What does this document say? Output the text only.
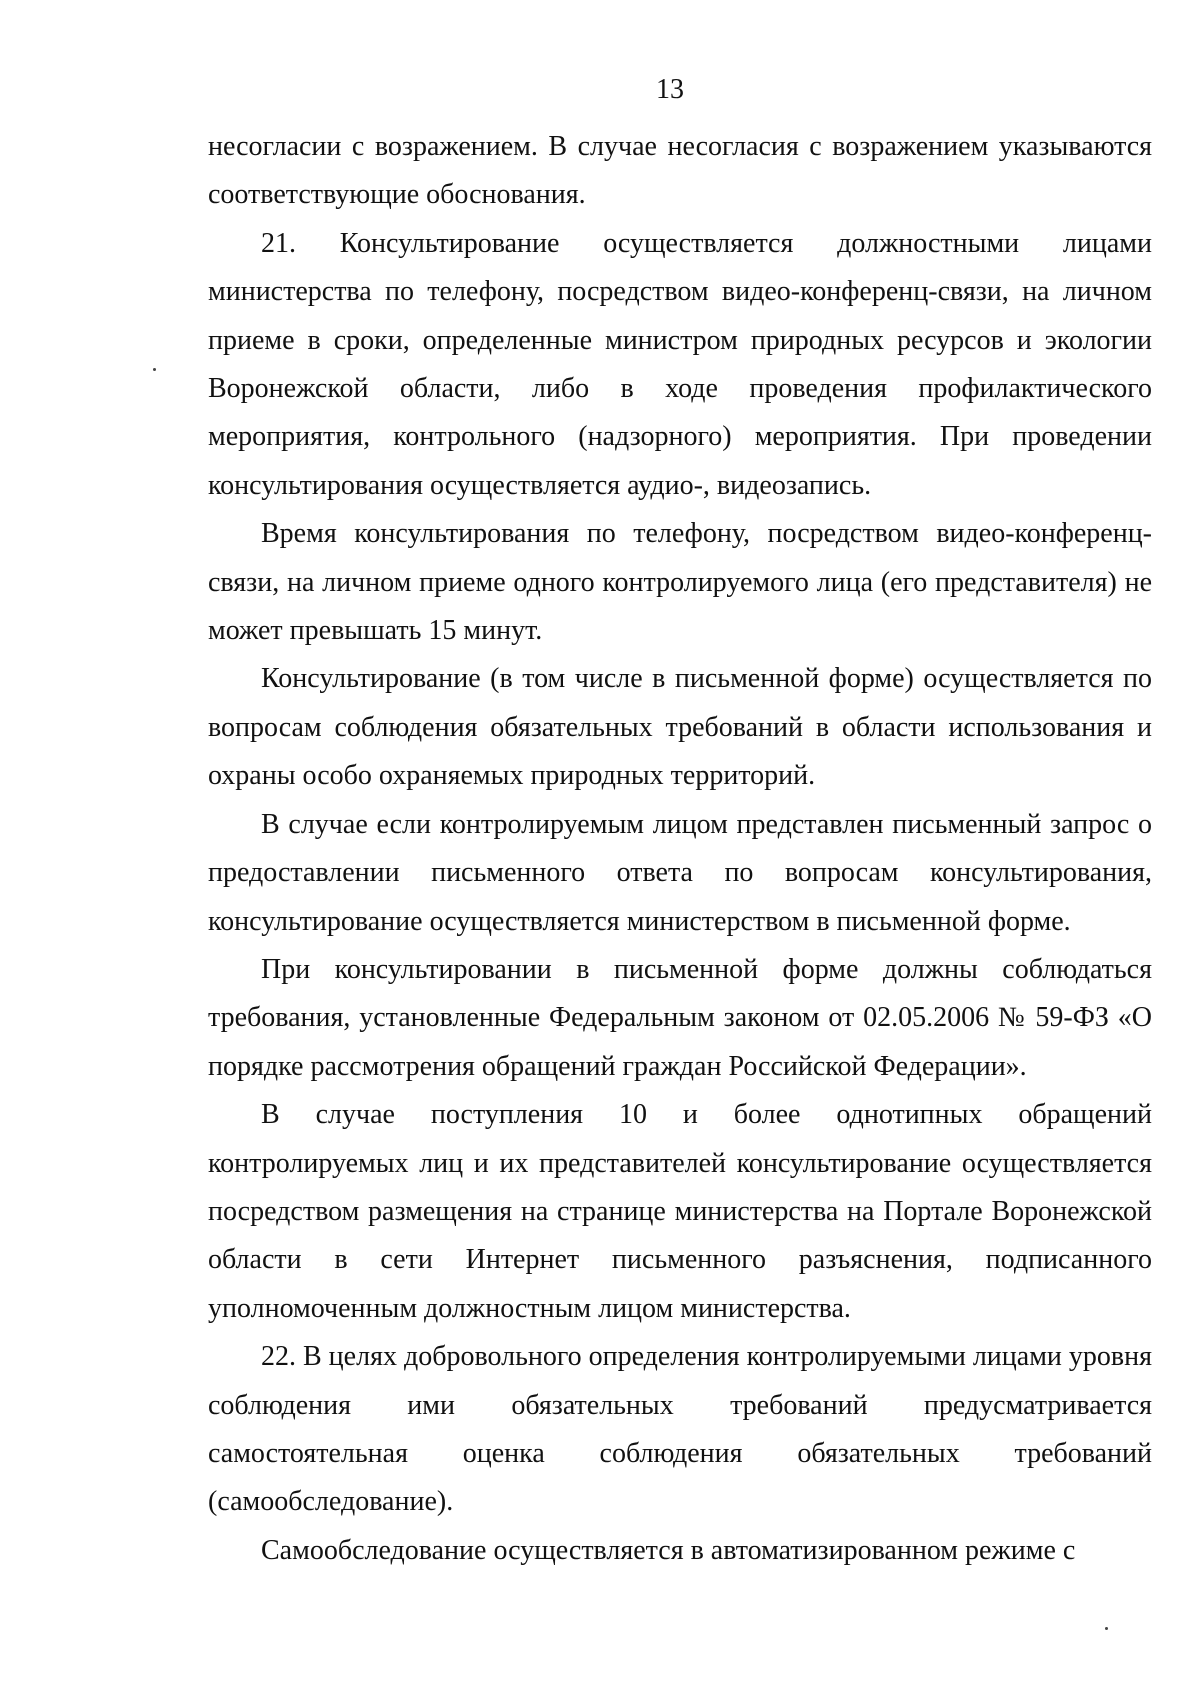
13

несогласии с возражением. В случае несогласия с возражением указываются соответствующие обоснования.

21. Консультирование осуществляется должностными лицами министерства по телефону, посредством видео-конференц-связи, на личном приеме в сроки, определенные министром природных ресурсов и экологии Воронежской области, либо в ходе проведения профилактического мероприятия, контрольного (надзорного) мероприятия. При проведении консультирования осуществляется аудио-, видеозапись.

Время консультирования по телефону, посредством видео-конференц-связи, на личном приеме одного контролируемого лица (его представителя) не может превышать 15 минут.

Консультирование (в том числе в письменной форме) осуществляется по вопросам соблюдения обязательных требований в области использования и охраны особо охраняемых природных территорий.

В случае если контролируемым лицом представлен письменный запрос о предоставлении письменного ответа по вопросам консультирования, консультирование осуществляется министерством в письменной форме.

При консультировании в письменной форме должны соблюдаться требования, установленные Федеральным законом от 02.05.2006 № 59-ФЗ «О порядке рассмотрения обращений граждан Российской Федерации».

В случае поступления 10 и более однотипных обращений контролируемых лиц и их представителей консультирование осуществляется посредством размещения на странице министерства на Портале Воронежской области в сети Интернет письменного разъяснения, подписанного уполномоченным должностным лицом министерства.

22. В целях добровольного определения контролируемыми лицами уровня соблюдения ими обязательных требований предусматривается самостоятельная оценка соблюдения обязательных требований (самообследование).

Самообследование осуществляется в автоматизированном режиме с
